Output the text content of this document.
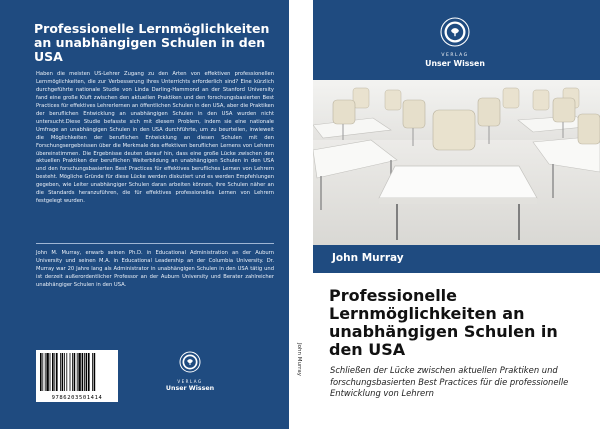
Professionelle Lernmöglichkeiten an unabhängigen Schulen in den USA
Haben die meisten US-Lehrer Zugang zu den Arten von effektiven professionellen Lernmöglichkeiten, die zur Verbesserung ihres Unterrichts erforderlich sind? Eine kürzlich durchgeführte nationale Studie von Linda Darling-Hammond an der Stanford University fand eine große Kluft zwischen den aktuellen Praktiken und den forschungsbasierten Best Practices für effektives Lehrerlernen an öffentlichen Schulen in den USA, aber die Praktiken der beruflichen Entwicklung an unabhängigen Schulen in den USA wurden nicht untersucht.Diese Studie befasste sich mit diesem Problem, indem sie eine nationale Umfrage an unabhängigen Schulen in den USA durchführte, um zu beurteilen, inwieweit die Möglichkeiten der beruflichen Entwicklung an diesen Schulen mit den Forschungsergebnissen über die Merkmale des effektiven beruflichen Lernens von Lehrern übereinstimmen. Die Ergebnisse deuten darauf hin, dass eine große Lücke zwischen den aktuellen Praktiken der beruflichen Weiterbildung an unabhängigen Schulen in den USA und den forschungsbasierten Best Practices für effektives berufliches Lernen von Lehrern besteht. Mögliche Gründe für diese Lücke werden diskutiert und es werden Empfehlungen gegeben, wie Leiter unabhängiger Schulen daran arbeiten können, ihre Schulen näher an die Standards heranzuführen, die für effektives professionelles Lernen von Lehrern festgelegt wurden.
John M. Murray, erwarb seinen Ph.D. in Educational Administration an der Auburn University und seinen M.A. in Educational Leadership an der Columbia University. Dr. Murray war 20 Jahre lang als Administrator in unabhängigen Schulen in den USA tätig und ist derzeit außerordentlicher Professor an der Auburn University und Berater zahlreicher unabhängiger Schulen in den USA.
9786203501414
VERLAG
Unser Wissen
John Murray
VERLAG
Unser Wissen
John Murray
Professionelle Lernmöglichkeiten an unabhängigen Schulen in den USA
Schließen der Lücke zwischen aktuellen Praktiken und forschungsbasierten Best Practices für die professionelle Entwicklung von Lehrern
